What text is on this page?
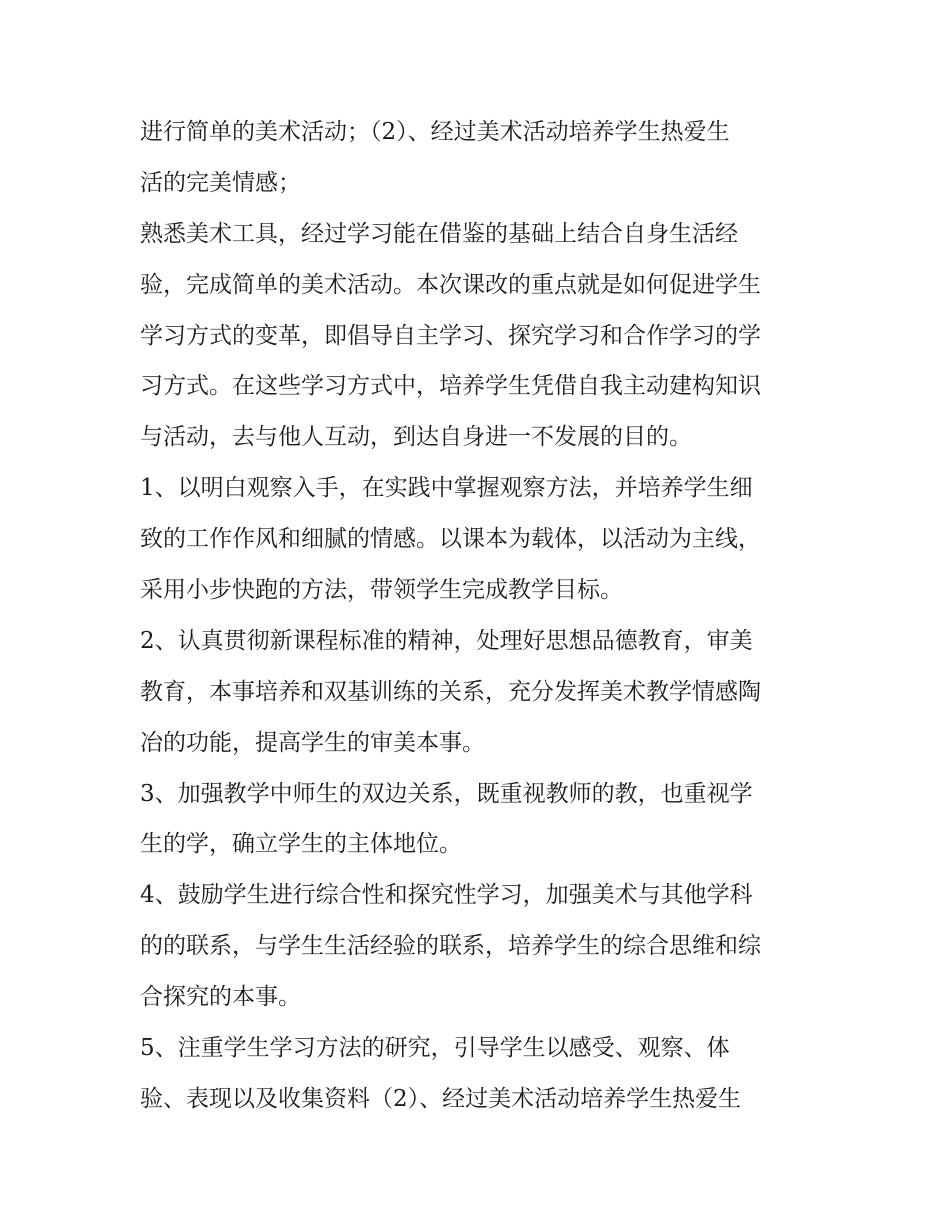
进行简单的美术活动；（2）、经过美术活动培养学生热爱生
活的完美情感；
熟悉美术工具，经过学习能在借鉴的基础上结合自身生活经
验，完成简单的美术活动。本次课改的重点就是如何促进学生
学习方式的变革，即倡导自主学习、探究学习和合作学习的学
习方式。在这些学习方式中，培养学生凭借自我主动建构知识
与活动，去与他人互动，到达自身进一不发展的目的。
1、以明白观察入手，在实践中掌握观察方法，并培养学生细
致的工作作风和细腻的情感。以课本为载体，以活动为主线，
采用小步快跑的方法，带领学生完成教学目标。
2、认真贯彻新课程标准的精神，处理好思想品德教育，审美
教育，本事培养和双基训练的关系，充分发挥美术教学情感陶
冶的功能，提高学生的审美本事。
3、加强教学中师生的双边关系，既重视教师的教，也重视学
生的学，确立学生的主体地位。
4、鼓励学生进行综合性和探究性学习，加强美术与其他学科
的的联系，与学生生活经验的联系，培养学生的综合思维和综
合探究的本事。
5、注重学生学习方法的研究，引导学生以感受、观察、体
验、表现以及收集资料（2）、经过美术活动培养学生热爱生
